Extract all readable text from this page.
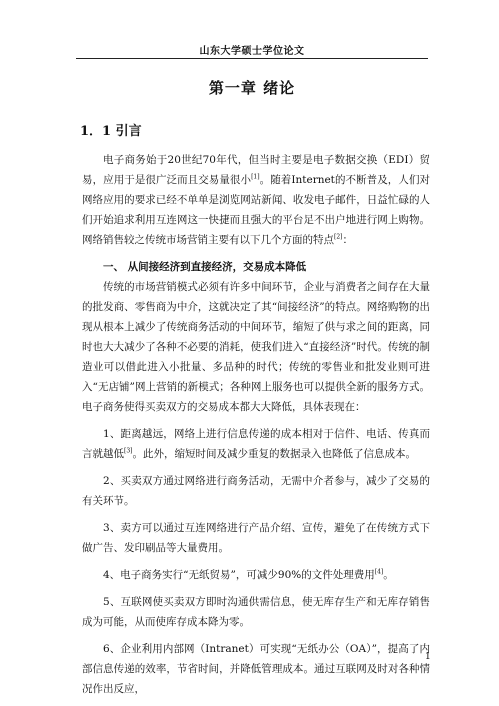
山东大学硕士学位论文
第一章 绪论
1．1 引言

电子商务始于20世纪70年代，但当时主要是电子数据交换（EDI）贸易，应用于是很广泛而且交易量很小[1]。随着Internet的不断普及，人们对网络应用的要求已经不单单是浏览网站新闻、收发电子邮件，日益忙碌的人们开始追求利用互连网这一快捷而且强大的平台足不出户地进行网上购物。网络销售较之传统市场营销主要有以下几个方面的特点[2]：

一、 从间接经济到直接经济，交易成本降低

传统的市场营销模式必须有许多中间环节，企业与消费者之间存在大量的批发商、零售商为中介，这就决定了其“间接经济”的特点。网络购物的出现从根本上减少了传统商务活动的中间环节，缩短了供与求之间的距离，同时也大大减少了各种不必要的消耗，使我们进入“直接经济”时代。传统的制造业可以借此进入小批量、多品种的时代；传统的零售业和批发业则可进入“无店铺”网上营销的新模式；各种网上服务也可以提供全新的服务方式。电子商务使得买卖双方的交易成本都大大降低，具体表现在：

1、距离越远，网络上进行信息传递的成本相对于信件、电话、传真而言就越低[3]。此外，缩短时间及减少重复的数据录入也降低了信息成本。

2、买卖双方通过网络进行商务活动，无需中介者参与，减少了交易的有关环节。

3、卖方可以通过互连网络进行产品介绍、宣传，避免了在传统方式下做广告、发印刷品等大量费用。

4、电子商务实行“无纸贸易”，可减少90%的文件处理费用[4]。

5、互联网使买卖双方即时沟通供需信息，使无库存生产和无库存销售成为可能，从而使库存成本降为零。

6、企业利用内部网（Intranet）可实现“无纸办公（OA）”，提高了内部信息传递的效率，节省时间，并降低管理成本。通过互联网及时对各种情况作出反应，

1
